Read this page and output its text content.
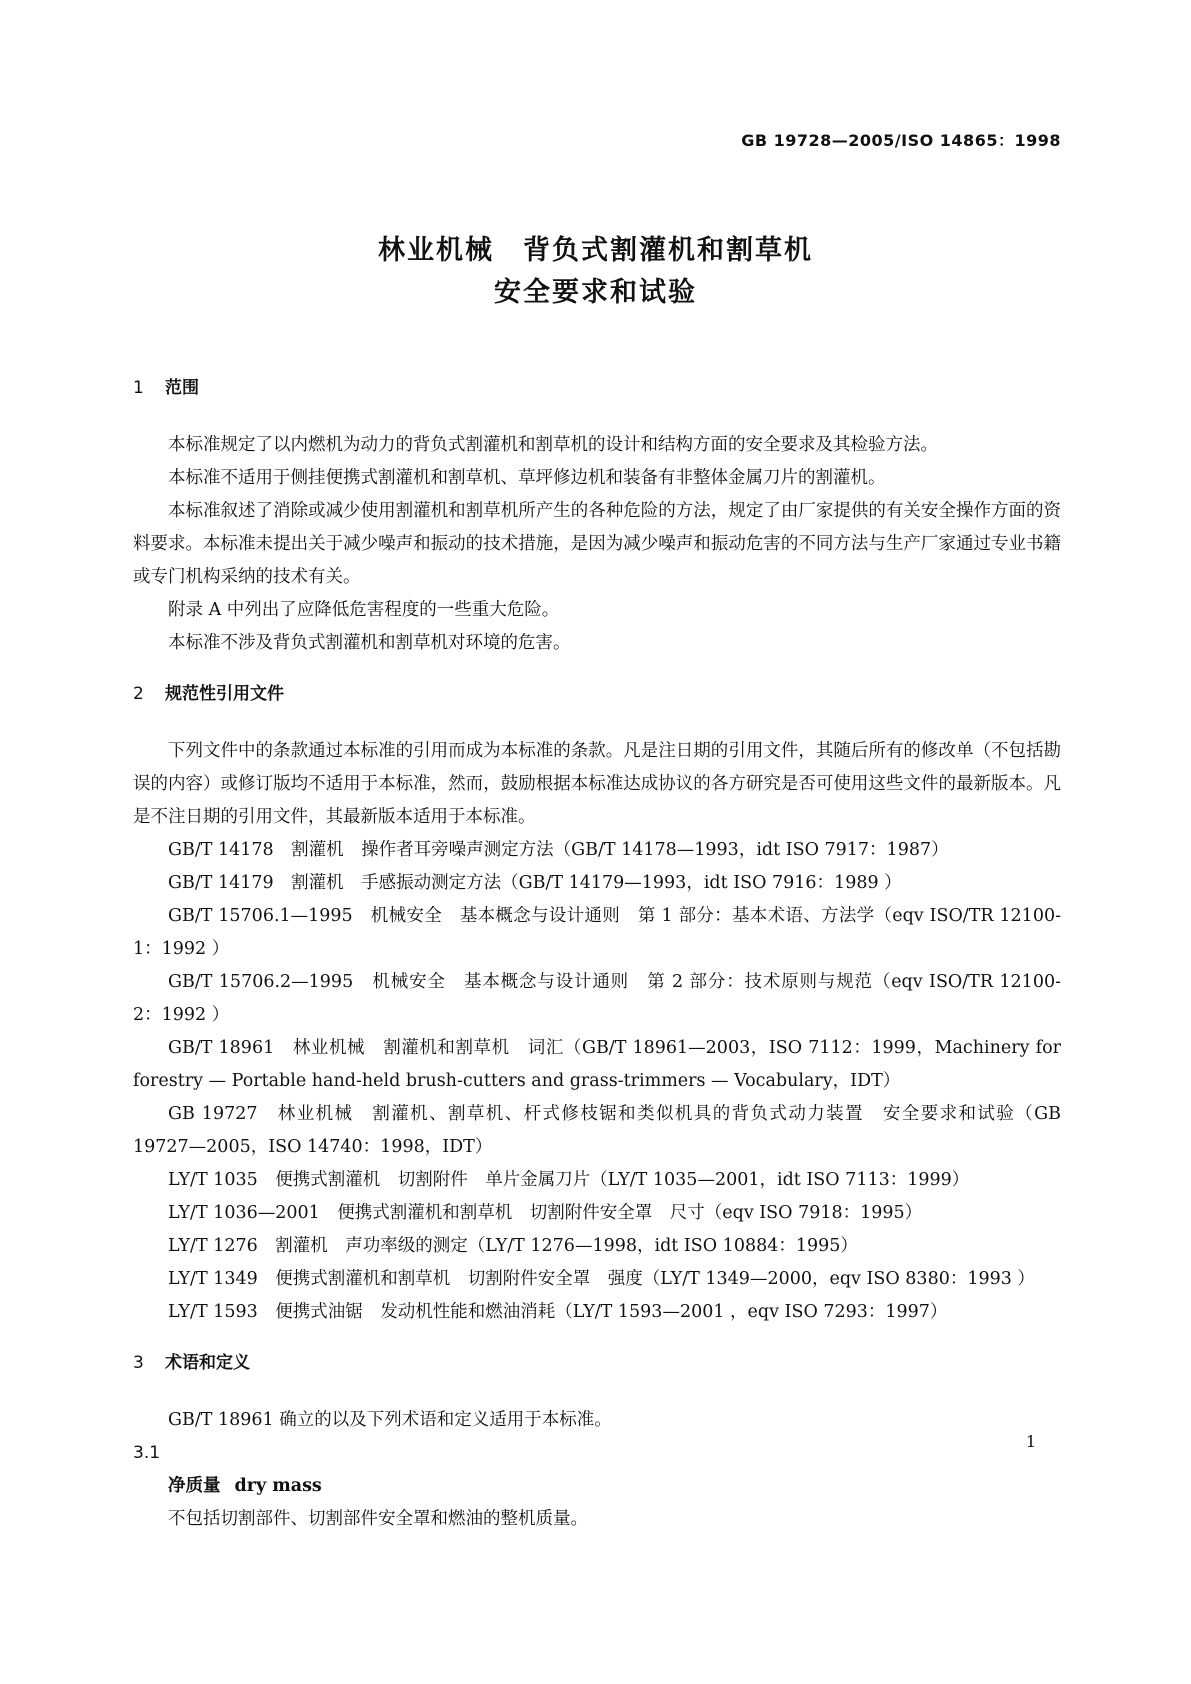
GB 19728—2005/ISO 14865：1998
林业机械　背负式割灌机和割草机
安全要求和试验
1 范围

本标准规定了以内燃机为动力的背负式割灌机和割草机的设计和结构方面的安全要求及其检验方法。

本标准不适用于侧挂便携式割灌机和割草机、草坪修边机和装备有非整体金属刀片的割灌机。

本标准叙述了消除或减少使用割灌机和割草机所产生的各种危险的方法，规定了由厂家提供的有关安全操作方面的资料要求。本标准未提出关于减少噪声和振动的技术措施，是因为减少噪声和振动危害的不同方法与生产厂家通过专业书籍或专门机构采纳的技术有关。

附录 A 中列出了应降低危害程度的一些重大危险。

本标准不涉及背负式割灌机和割草机对环境的危害。

2 规范性引用文件

下列文件中的条款通过本标准的引用而成为本标准的条款。凡是注日期的引用文件，其随后所有的修改单（不包括勘误的内容）或修订版均不适用于本标准，然而，鼓励根据本标准达成协议的各方研究是否可使用这些文件的最新版本。凡是不注日期的引用文件，其最新版本适用于本标准。

GB/T 14178　割灌机　操作者耳旁噪声测定方法（GB/T 14178—1993，idt ISO 7917：1987）

GB/T 14179　割灌机　手感振动测定方法（GB/T 14179—1993，idt ISO 7916：1989 ）

GB/T 15706.1—1995　机械安全　基本概念与设计通则　第 1 部分：基本术语、方法学（eqv ISO/TR 12100-1：1992 ）

GB/T 15706.2—1995　机械安全　基本概念与设计通则　第 2 部分：技术原则与规范（eqv ISO/TR 12100-2：1992 ）

GB/T 18961　林业机械　割灌机和割草机　词汇（GB/T 18961—2003，ISO 7112：1999，Machinery for forestry — Portable hand-held brush-cutters and grass-trimmers — Vocabulary，IDT）

GB 19727　林业机械　割灌机、割草机、杆式修枝锯和类似机具的背负式动力装置　安全要求和试验（GB 19727—2005，ISO 14740：1998，IDT）

LY/T 1035　便携式割灌机　切割附件　单片金属刀片（LY/T 1035—2001，idt ISO 7113：1999）

LY/T 1036—2001　便携式割灌机和割草机　切割附件安全罩　尺寸（eqv ISO 7918：1995）

LY/T 1276　割灌机　声功率级的测定（LY/T 1276—1998，idt ISO 10884：1995）

LY/T 1349　便携式割灌机和割草机　切割附件安全罩　强度（LY/T 1349—2000，eqv ISO 8380：1993 ）

LY/T 1593　便携式油锯　发动机性能和燃油消耗（LY/T 1593—2001 ，eqv ISO 7293：1997）

3 术语和定义

GB/T 18961 确立的以及下列术语和定义适用于本标准。

3.1

净质量 dry mass

不包括切割部件、切割部件安全罩和燃油的整机质量。

1
